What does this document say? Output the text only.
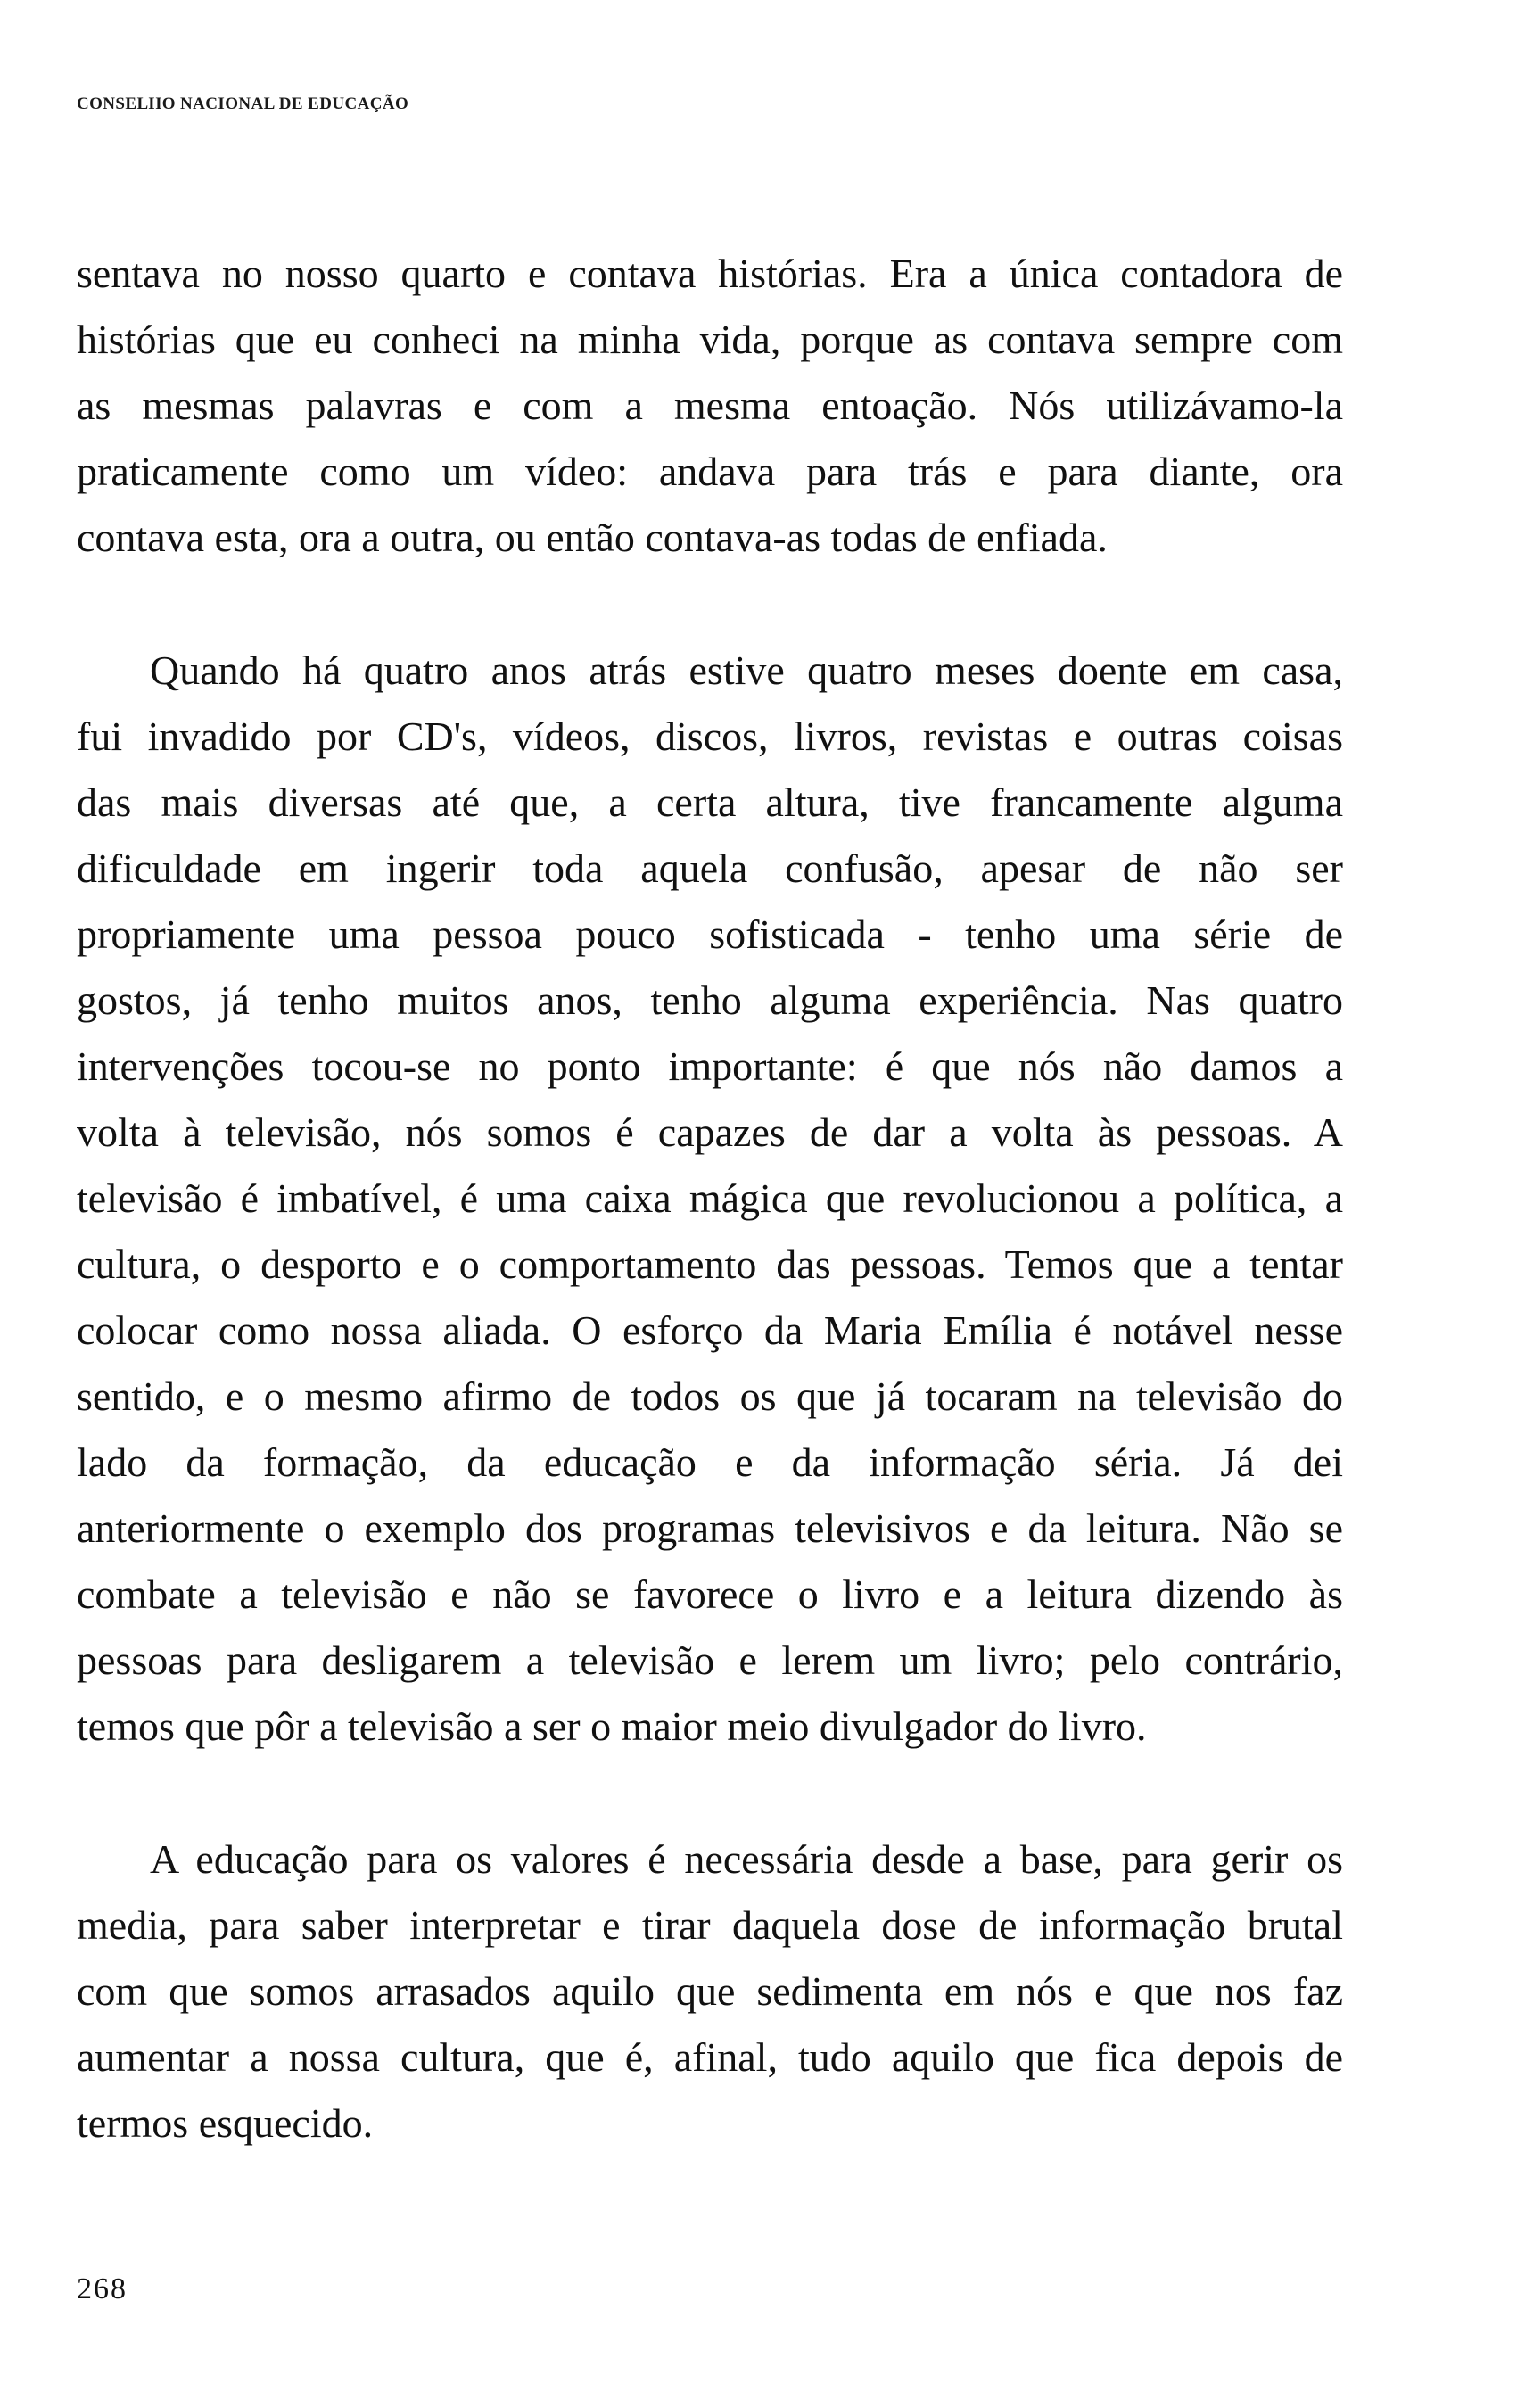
CONSELHO NACIONAL DE EDUCAÇÃO

sentava no nosso quarto e contava histórias. Era a única contadora de
histórias que eu conheci na minha vida, porque as contava sempre com
as mesmas palavras e com a mesma entoação. Nós utilizávamo-la
praticamente como um vídeo: andava para trás e para diante, ora
contava esta, ora a outra, ou então contava-as todas de enfiada.

Quando há quatro anos atrás estive quatro meses doente em casa,
fui invadido por CD's, vídeos, discos, livros, revistas e outras coisas
das mais diversas até que, a certa altura, tive francamente alguma
dificuldade em ingerir toda aquela confusão, apesar de não ser
propriamente uma pessoa pouco sofisticada - tenho uma série de
gostos, já tenho muitos anos, tenho alguma experiência. Nas quatro
intervenções tocou-se no ponto importante: é que nós não damos a
volta à televisão, nós somos é capazes de dar a volta às pessoas. A
televisão é imbatível, é uma caixa mágica que revolucionou a política, a
cultura, o desporto e o comportamento das pessoas. Temos que a tentar
colocar como nossa aliada. O esforço da Maria Emília é notável nesse
sentido, e o mesmo afirmo de todos os que já tocaram na televisão do
lado da formação, da educação e da informação séria. Já dei
anteriormente o exemplo dos programas televisivos e da leitura. Não se
combate a televisão e não se favorece o livro e a leitura dizendo às
pessoas para desligarem a televisão e lerem um livro; pelo contrário,
temos que pôr a televisão a ser o maior meio divulgador do livro.

A educação para os valores é necessária desde a base, para gerir os
media, para saber interpretar e tirar daquela dose de informação brutal
com que somos arrasados aquilo que sedimenta em nós e que nos faz
aumentar a nossa cultura, que é, afinal, tudo aquilo que fica depois de
termos esquecido.

268
